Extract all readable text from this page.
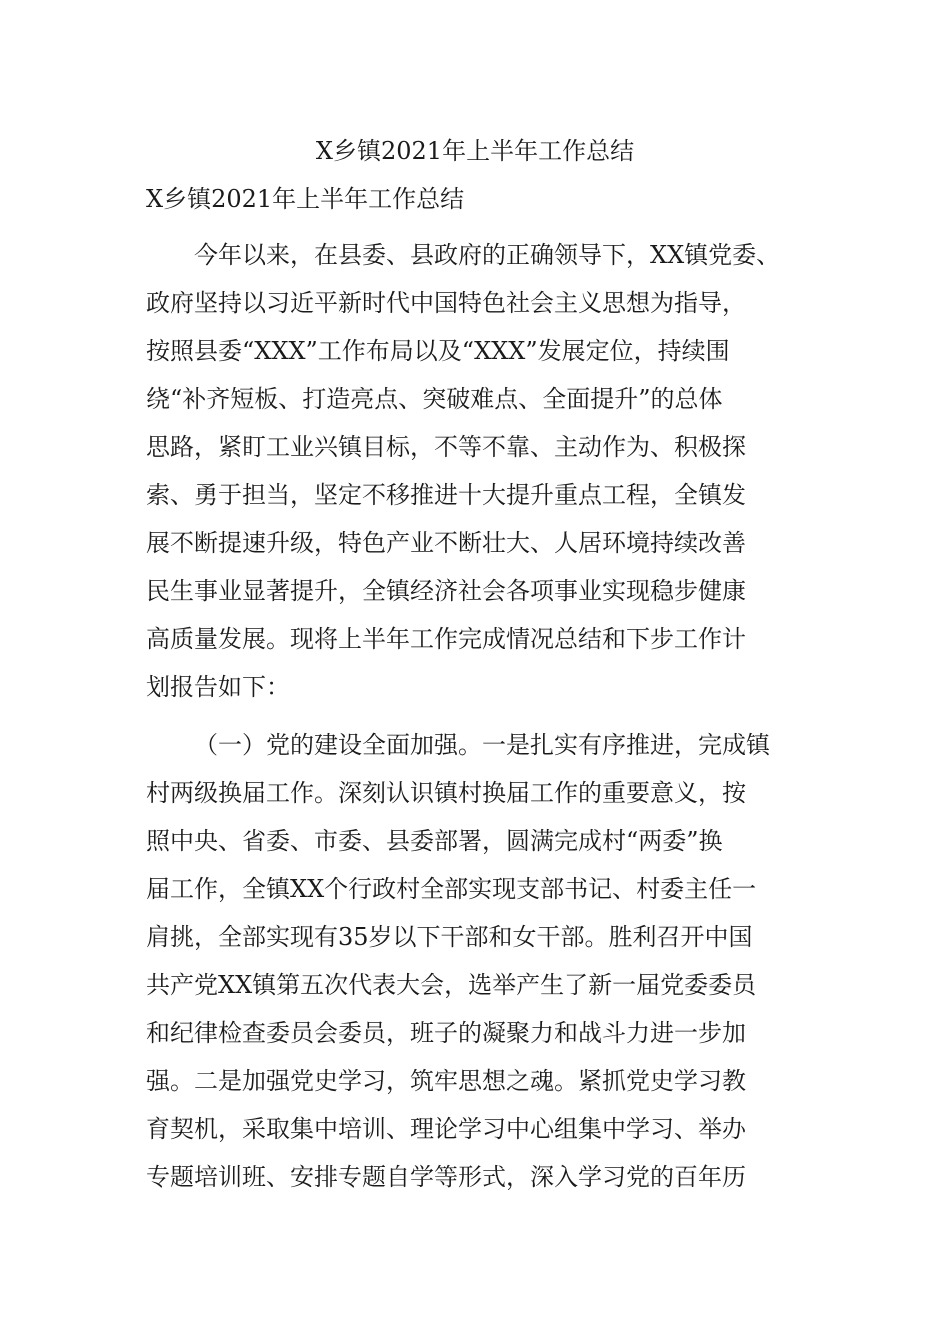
X乡镇2021年上半年工作总结
X乡镇2021年上半年工作总结

今年以来，在县委、县政府的正确领导下，XX镇党委、

政府坚持以习近平新时代中国特色社会主义思想为指导，

按照县委“XXX”工作布局以及“XXX”发展定位，持续围

绕“补齐短板、打造亮点、突破难点、全面提升”的总体

思路，紧盯工业兴镇目标，不等不靠、主动作为、积极探

索、勇于担当，坚定不移推进十大提升重点工程，全镇发

展不断提速升级，特色产业不断壮大、人居环境持续改善

民生事业显著提升，全镇经济社会各项事业实现稳步健康

高质量发展。现将上半年工作完成情况总结和下步工作计

划报告如下：

（一）党的建设全面加强。一是扎实有序推进，完成镇

村两级换届工作。深刻认识镇村换届工作的重要意义，按

照中央、省委、市委、县委部署，圆满完成村“两委”换

届工作，全镇XX个行政村全部实现支部书记、村委主任一

肩挑，全部实现有35岁以下干部和女干部。胜利召开中国

共产党XX镇第五次代表大会，选举产生了新一届党委委员

和纪律检查委员会委员，班子的凝聚力和战斗力进一步加

强。二是加强党史学习，筑牢思想之魂。紧抓党史学习教

育契机，采取集中培训、理论学习中心组集中学习、举办

专题培训班、安排专题自学等形式，深入学习党的百年历
